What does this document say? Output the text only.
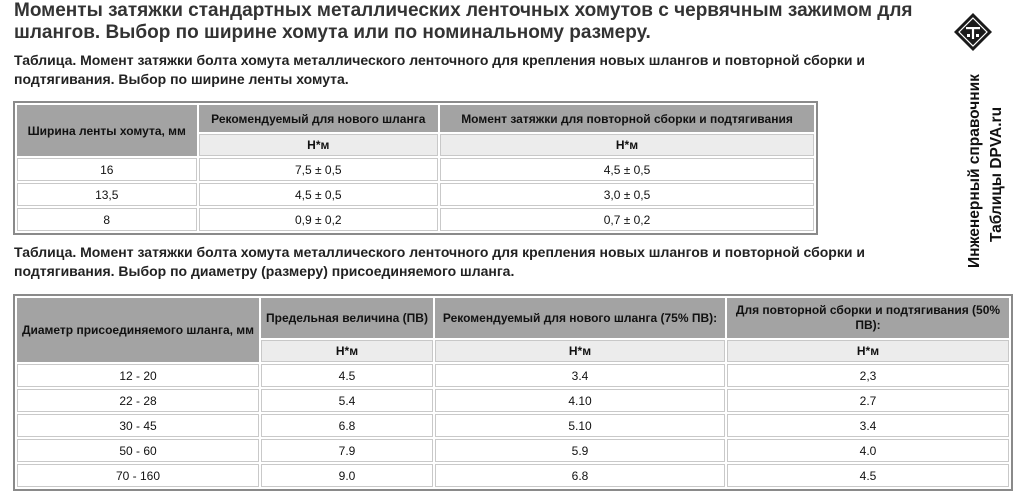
Моменты затяжки стандартных металлических ленточных хомутов с червячным зажимом для шлангов. Выбор по ширине хомута или по номинальному размеру.

Таблица. Момент затяжки болта хомута металлического ленточного для крепления новых шлангов и повторной сборки и подтягивания. Выбор по ширине ленты хомута.

Ширина ленты хомута, мм	Рекомендуемый для нового шланга	Момент затяжки для повторной сборки и подтягивания
	Н*м	Н*м
16	7,5 ± 0,5	4,5 ± 0,5
13,5	4,5 ± 0,5	3,0 ± 0,5
8	0,9 ± 0,2	0,7 ± 0,2

Таблица. Момент затяжки болта хомута металлического ленточного для крепления новых шлангов и повторной сборки и подтягивания. Выбор по диаметру (размеру) присоединяемого шланга.

Диаметр присоединяемого шланга, мм	Предельная величина (ПВ)	Рекомендуемый для нового шланга (75% ПВ):	Для повторной сборки и подтягивания (50% ПВ):
	Н*м	Н*м	Н*м
12 - 20	4.5	3.4	2,3
22 - 28	5.4	4.10	2.7
30 - 45	6.8	5.10	3.4
50 - 60	7.9	5.9	4.0
70 - 160	9.0	6.8	4.5
Инженерный справочник Таблицы DPVA.ru
